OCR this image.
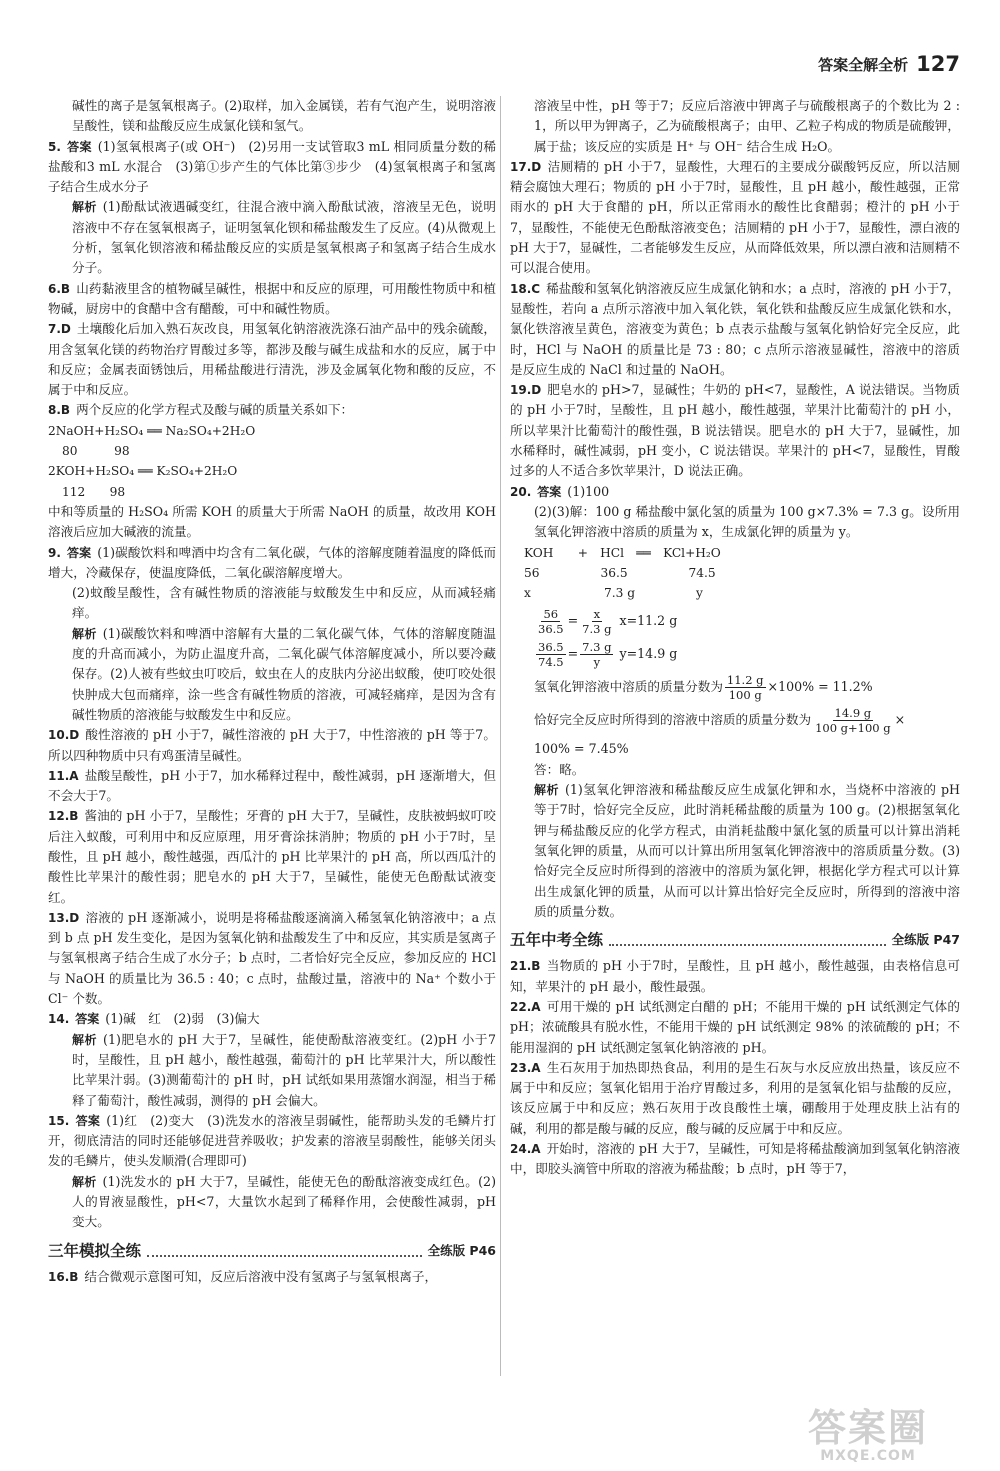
答案全解全析 127
碱性的离子是氢氧根离子。(2)取样，加入金属镁，若有气泡产生，说明溶液呈酸性，镁和盐酸反应生成氯化镁和氢气。
5. 答案 (1)氢氧根离子(或 OH⁻)　(2)另用一支试管取3 mL 相同质量分数的稀盐酸和3 mL 水混合　(3)第①步产生的气体比第③步少　(4)氢氧根离子和氢离子结合生成水分子
解析 (1)酚酞试液遇碱变红，往混合液中滴入酚酞试液，溶液呈无色，说明溶液中不存在氢氧根离子，证明氢氧化钡和稀盐酸发生了反应。(4)从微观上分析，氢氧化钡溶液和稀盐酸反应的实质是氢氧根离子和氢离子结合生成水分子。
6.B 山药黏液里含的植物碱呈碱性，根据中和反应的原理，可用酸性物质中和植物碱，厨房中的食醋中含有醋酸，可中和碱性物质。
7.D 土壤酸化后加入熟石灰改良，用氢氧化钠溶液洗涤石油产品中的残余硫酸，用含氢氧化镁的药物治疗胃酸过多等，都涉及酸与碱生成盐和水的反应，属于中和反应；金属表面锈蚀后，用稀盐酸进行清洗，涉及金属氧化物和酸的反应，不属于中和反应。
8.B 两个反应的化学方程式及酸与碱的质量关系如下：
2NaOH+H₂SO₄ ══ Na₂SO₄+2H₂O
80　　　98
2KOH+H₂SO₄ ══ K₂SO₄+2H₂O
112　　98
中和等质量的 H₂SO₄ 所需 KOH 的质量大于所需 NaOH 的质量，故改用 KOH 溶液后应加大碱液的流量。
9. 答案 (1)碳酸饮料和啤酒中均含有二氧化碳，气体的溶解度随着温度的降低而增大，冷藏保存，使温度降低，二氧化碳溶解度增大。
(2)蚊酸呈酸性，含有碱性物质的溶液能与蚊酸发生中和反应，从而减轻痛痒。
解析 (1)碳酸饮料和啤酒中溶解有大量的二氧化碳气体，气体的溶解度随温度的升高而减小，为防止温度升高，二氧化碳气体溶解度减小，所以要冷藏保存。(2)人被有些蚊虫叮咬后，蚊虫在人的皮肤内分泌出蚁酸，使叮咬处很快肿成大包而痛痒，涂一些含有碱性物质的溶液，可减轻痛痒，是因为含有碱性物质的溶液能与蚊酸发生中和反应。
10.D 酸性溶液的 pH 小于7，碱性溶液的 pH 大于7，中性溶液的 pH 等于7。所以四种物质中只有鸡蛋清呈碱性。
11.A 盐酸呈酸性，pH 小于7，加水稀释过程中，酸性减弱，pH 逐渐增大，但不会大于7。
12.B 酱油的 pH 小于7，呈酸性；牙膏的 pH 大于7，呈碱性，皮肤被蚂蚁叮咬后注入蚁酸，可利用中和反应原理，用牙膏涂抹消肿；物质的 pH 小于7时，呈酸性，且 pH 越小，酸性越强，西瓜汁的 pH 比苹果汁的 pH 高，所以西瓜汁的酸性比苹果汁的酸性弱；肥皂水的 pH 大于7，呈碱性，能使无色酚酞试液变红。
13.D 溶液的 pH 逐渐减小，说明是将稀盐酸逐滴滴入稀氢氧化钠溶液中；a 点到 b 点 pH 发生变化，是因为氢氧化钠和盐酸发生了中和反应，其实质是氢离子与氢氧根离子结合生成了水分子；b 点时，二者恰好完全反应，参加反应的 HCl 与 NaOH 的质量比为 36.5 : 40；c 点时，盐酸过量，溶液中的 Na⁺ 个数小于 Cl⁻ 个数。
14. 答案 (1)碱　红　(2)弱　(3)偏大
解析 (1)肥皂水的 pH 大于7，呈碱性，能使酚酞溶液变红。(2)pH 小于7时，呈酸性，且 pH 越小，酸性越强，葡萄汁的 pH 比苹果汁大，所以酸性比苹果汁弱。(3)测葡萄汁的 pH 时，pH 试纸如果用蒸馏水润湿，相当于稀释了葡萄汁，酸性减弱，测得的 pH 会偏大。
15. 答案 (1)红　(2)变大　(3)洗发水的溶液呈弱碱性，能帮助头发的毛鳞片打开，彻底清洁的同时还能够促进营养吸收；护发素的溶液呈弱酸性，能够关闭头发的毛鳞片，使头发顺滑(合理即可)
解析 (1)洗发水的 pH 大于7，呈碱性，能使无色的酚酞溶液变成红色。(2)人的胃液显酸性，pH<7，大量饮水起到了稀释作用，会使酸性减弱，pH 变大。
三年模拟全练	全练版 P46
16.B 结合微观示意图可知，反应后溶液中没有氢离子与氢氧根离子，
溶液呈中性，pH 等于7；反应后溶液中钾离子与硫酸根离子的个数比为 2 : 1，所以甲为钾离子，乙为硫酸根离子；由甲、乙粒子构成的物质是硫酸钾，属于盐；该反应的实质是 H⁺ 与 OH⁻ 结合生成 H₂O。
17.D 洁厕精的 pH 小于7，显酸性，大理石的主要成分碳酸钙反应，所以洁厕精会腐蚀大理石；物质的 pH 小于7时，显酸性，且 pH 越小，酸性越强，正常雨水的 pH 大于食醋的 pH，所以正常雨水的酸性比食醋弱；橙汁的 pH 小于7，显酸性，不能使无色酚酞溶液变色；洁厕精的 pH 小于7，显酸性，漂白液的 pH 大于7，显碱性，二者能够发生反应，从而降低效果，所以漂白液和洁厕精不可以混合使用。
18.C 稀盐酸和氢氧化钠溶液反应生成氯化钠和水；a 点时，溶液的 pH 小于7，显酸性，若向 a 点所示溶液中加入氧化铁，氧化铁和盐酸反应生成氯化铁和水，氯化铁溶液呈黄色，溶液变为黄色；b 点表示盐酸与氢氧化钠恰好完全反应，此时，HCl 与 NaOH 的质量比是 73 : 80；c 点所示溶液显碱性，溶液中的溶质是反应生成的 NaCl 和过量的 NaOH。
19.D 肥皂水的 pH>7，显碱性；牛奶的 pH<7，显酸性，A 说法错误。当物质的 pH 小于7时，呈酸性，且 pH 越小，酸性越强，苹果汁比葡萄汁的 pH 小，所以苹果汁比葡萄汁的酸性强，B 说法错误。肥皂水的 pH 大于7，显碱性，加水稀释时，碱性减弱，pH 变小，C 说法错误。苹果汁的 pH<7，显酸性，胃酸过多的人不适合多饮苹果汁，D 说法正确。
20. 答案 (1)100
(2)(3)解：100 g 稀盐酸中氯化氢的质量为 100 g×7.3% = 7.3 g。设所用氢氧化钾溶液中溶质的质量为 x，生成氯化钾的质量为 y。
KOH　　+　HCl　══　KCl+H₂O
56　　　　　36.5　　　　　74.5
x　　　　　　7.3 g　　　　　y
$\frac{56}{36.5} = \frac{x}{7.3 g} x=11.2$ g
$\frac{36.5}{74.5} = \frac{7.3 g}{y} y=14.9$ g
氢氧化钾溶液中溶质的质量分数为 $\frac{11.2 g}{100 g} \times 100\% = 11.2\%$
恰好完全反应时所得到的溶液中溶质的质量分数为 $\frac{14.9 g}{100 g+100 g}$ ×
100% = 7.45%
答：略。
解析 (1)氢氧化钾溶液和稀盐酸反应生成氯化钾和水，当烧杯中溶液的 pH 等于7时，恰好完全反应，此时消耗稀盐酸的质量为 100 g。(2)根据氢氧化钾与稀盐酸反应的化学方程式，由消耗盐酸中氯化氢的质量可以计算出消耗氢氧化钾的质量，从而可以计算出所用氢氧化钾溶液中的溶质质量分数。(3)恰好完全反应时所得到的溶液中的溶质为氯化钾，根据化学方程式可以计算出生成氯化钾的质量，从而可以计算出恰好完全反应时，所得到的溶液中溶质的质量分数。
五年中考全练	全练版 P47
21.B 当物质的 pH 小于7时，呈酸性，且 pH 越小，酸性越强，由表格信息可知，苹果汁的 pH 最小，酸性最强。
22.A 可用干燥的 pH 试纸测定白醋的 pH；不能用干燥的 pH 试纸测定气体的 pH；浓硫酸具有脱水性，不能用干燥的 pH 试纸测定 98% 的浓硫酸的 pH；不能用湿润的 pH 试纸测定氢氧化钠溶液的 pH。
23.A 生石灰用于加热即热食品，利用的是生石灰与水反应放出热量，该反应不属于中和反应；氢氧化铝用于治疗胃酸过多，利用的是氢氧化铝与盐酸的反应，该反应属于中和反应；熟石灰用于改良酸性土壤，硼酸用于处理皮肤上沾有的碱，利用的都是酸与碱的反应，酸与碱的反应属于中和反应。
24.A 开始时，溶液的 pH 大于7，呈碱性，可知是将稀盐酸滴加到氢氧化钠溶液中，即胶头滴管中所取的溶液为稀盐酸；b 点时，pH 等于7，
答案圈
MXQE.COM
